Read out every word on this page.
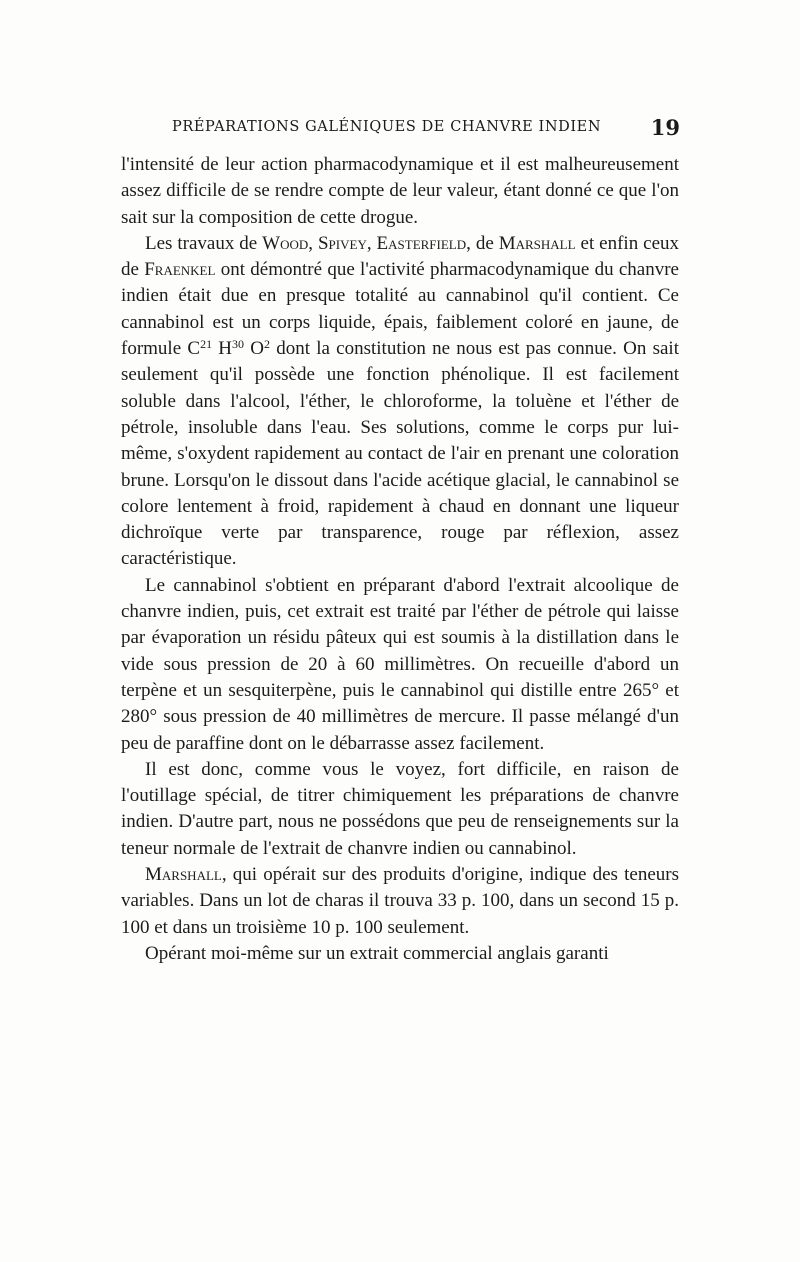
PRÉPARATIONS GALÉNIQUES DE CHANVRE INDIEN 19

l'intensité de leur action pharmacodynamique et il est malheureusement assez difficile de se rendre compte de leur valeur, étant donné ce que l'on sait sur la composition de cette drogue.

Les travaux de Wood, Spivey, Easterfield, de Marshall et enfin ceux de Fraenkel ont démontré que l'activité pharmacodynamique du chanvre indien était due en presque totalité au cannabinol qu'il contient. Ce cannabinol est un corps liquide, épais, faiblement coloré en jaune, de formule $C^{21}$ $H^{30}$ $O^2$ dont la constitution ne nous est pas connue. On sait seulement qu'il possède une fonction phénolique. Il est facilement soluble dans l'alcool, l'éther, le chloroforme, la toluène et l'éther de pétrole, insoluble dans l'eau. Ses solutions, comme le corps pur lui-même, s'oxydent rapidement au contact de l'air en prenant une coloration brune. Lorsqu'on le dissout dans l'acide acétique glacial, le cannabinol se colore lentement à froid, rapidement à chaud en donnant une liqueur dichroïque verte par transparence, rouge par réflexion, assez caractéristique.

Le cannabinol s'obtient en préparant d'abord l'extrait alcoolique de chanvre indien, puis, cet extrait est traité par l'éther de pétrole qui laisse par évaporation un résidu pâteux qui est soumis à la distillation dans le vide sous pression de 20 à 60 millimètres. On recueille d'abord un terpène et un sesquiterpène, puis le cannabinol qui distille entre 265° et 280° sous pression de 40 millimètres de mercure. Il passe mélangé d'un peu de paraffine dont on le débarrasse assez facilement.

Il est donc, comme vous le voyez, fort difficile, en raison de l'outillage spécial, de titrer chimiquement les préparations de chanvre indien. D'autre part, nous ne possédons que peu de renseignements sur la teneur normale de l'extrait de chanvre indien ou cannabinol.

Marshall, qui opérait sur des produits d'origine, indique des teneurs variables. Dans un lot de charas il trouva 33 p. 100, dans un second 15 p. 100 et dans un troisième 10 p. 100 seulement.

Opérant moi-même sur un extrait commercial anglais garanti
